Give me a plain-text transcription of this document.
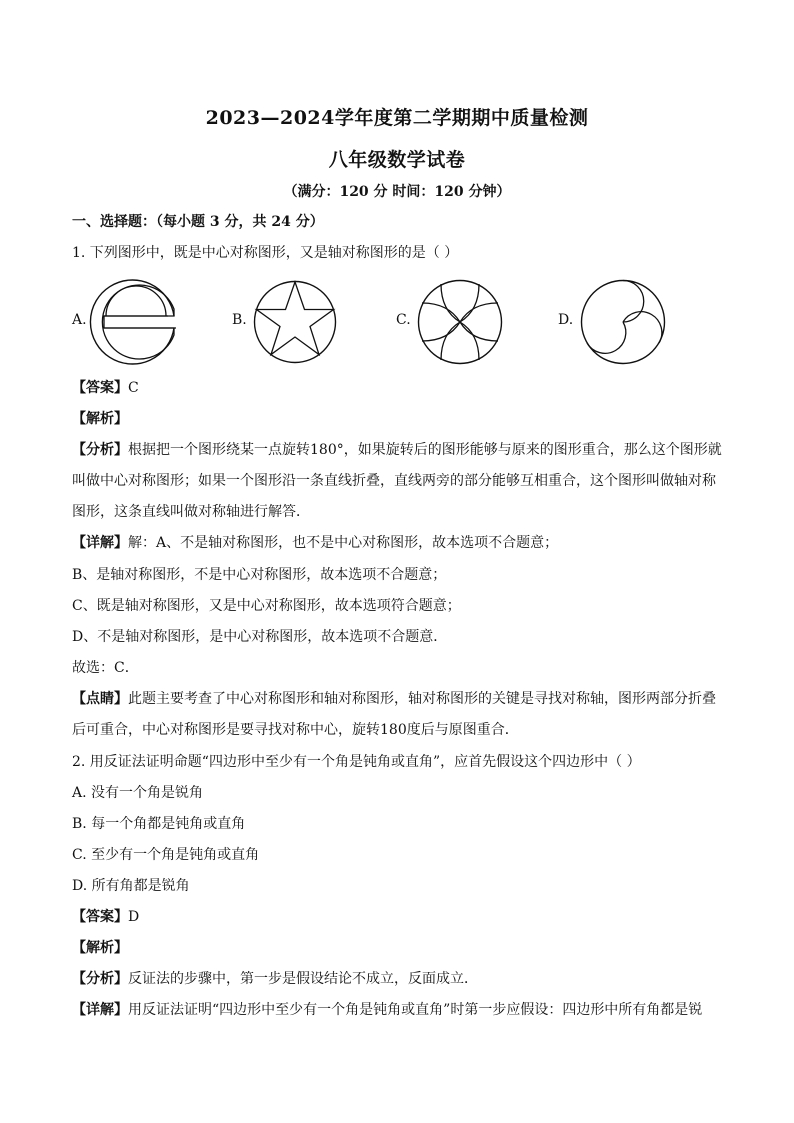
2023—2024学年度第二学期期中质量检测
八年级数学试卷
（满分：120 分 时间：120 分钟）
一、选择题：（每小题 3 分，共 24 分）
1. 下列图形中，既是中心对称图形，又是轴对称图形的是（ ）
A.	B.	C.	D.
【答案】C
【解析】
【分析】根据把一个图形绕某一点旋转180°，如果旋转后的图形能够与原来的图形重合，那么这个图形就
叫做中心对称图形；如果一个图形沿一条直线折叠，直线两旁的部分能够互相重合，这个图形叫做轴对称
图形，这条直线叫做对称轴进行解答．
【详解】解：A、不是轴对称图形，也不是中心对称图形，故本选项不合题意；
B、是轴对称图形，不是中心对称图形，故本选项不合题意；
C、既是轴对称图形，又是中心对称图形，故本选项符合题意；
D、不是轴对称图形，是中心对称图形，故本选项不合题意．
故选：C．
【点睛】此题主要考查了中心对称图形和轴对称图形，轴对称图形的关键是寻找对称轴，图形两部分折叠
后可重合，中心对称图形是要寻找对称中心，旋转180度后与原图重合．
2. 用反证法证明命题“四边形中至少有一个角是钝角或直角”，应首先假设这个四边形中（ ）
A. 没有一个角是锐角
B. 每一个角都是钝角或直角
C. 至少有一个角是钝角或直角
D. 所有角都是锐角
【答案】D
【解析】
【分析】反证法的步骤中，第一步是假设结论不成立，反面成立．
【详解】用反证法证明“四边形中至少有一个角是钝角或直角”时第一步应假设：四边形中所有角都是锐
